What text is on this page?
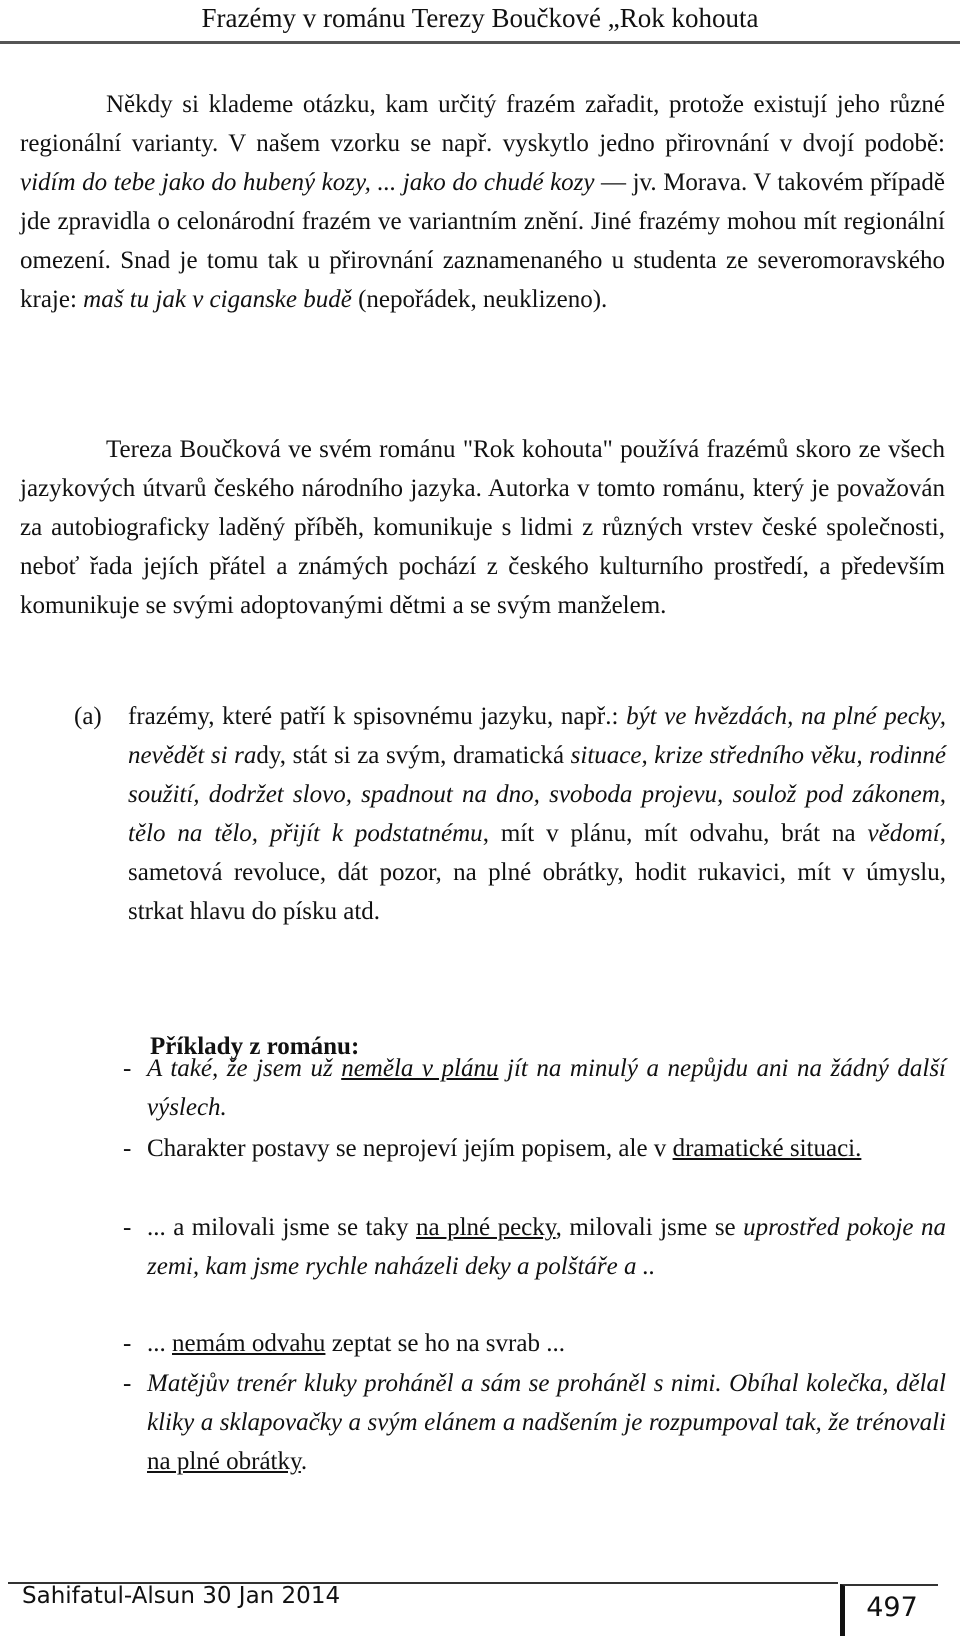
Frazémy v románu Terezy Boučkové „Rok kohouta

Někdy si klademe otázku, kam určitý frazém zařadit, protože existují jeho různé regionální varianty. V našem vzorku se např. vyskytlo jedno přirovnání v dvojí podobě: vidím do tebe jako do hubený kozy, ... jako do chudé kozy — jv. Morava. V takovém případě jde zpravidla o celonárodní frazém ve variantním znění. Jiné frazémy mohou mít regionální omezení. Snad je tomu tak u přirovnání zaznamenaného u studenta ze severomoravského kraje: maš tu jak v ciganske budě (nepořádek, neuklizeno).

Tereza Boučková ve svém románu "Rok kohouta" používá frazémů skoro ze všech jazykových útvarů českého národního jazyka. Autorka v tomto románu, který je považován za autobiograficky laděný příběh, komunikuje s lidmi z různých vrstev české společnosti, neboť řada jejích přátel a známých pochází z českého kulturního prostředí, a především komunikuje se svými adoptovanými dětmi a se svým manželem.

(a) frazémy, které patří k spisovnému jazyku, např.: být ve hvězdách, na plné pecky, nevědět si rady, stát si za svým, dramatická situace, krize středního věku, rodinné soužití, dodržet slovo, spadnout na dno, svoboda projevu, soulož pod zákonem, tělo na tělo, přijít k podstatnému, mít v plánu, mít odvahu, brát na vědomí, sametová revoluce, dát pozor, na plné obrátky, hodit rukavici, mít v úmyslu, strkat hlavu do písku atd.
Příklady z románu:
- A také, že jsem už neměla v plánu jít na minulý a nepůjdu ani na žádný další výslech.
- Charakter postavy se neprojeví jejím popisem, ale v dramatické situaci.
- ... a milovali jsme se taky na plné pecky, milovali jsme se uprostřed pokoje na zemi, kam jsme rychle naházeli deky a polštáře a ..
- ... nemám odvahu zeptat se ho na svrab ...
- Matějův trenér kluky proháněl a sám se proháněl s nimi. Obíhal kolečka, dělal kliky a sklapovačky a svým elánem a nadšením je rozpumpoval tak, že trénovali na plné obrátky.
Sahifatul-Alsun 30 Jan 2014	497
